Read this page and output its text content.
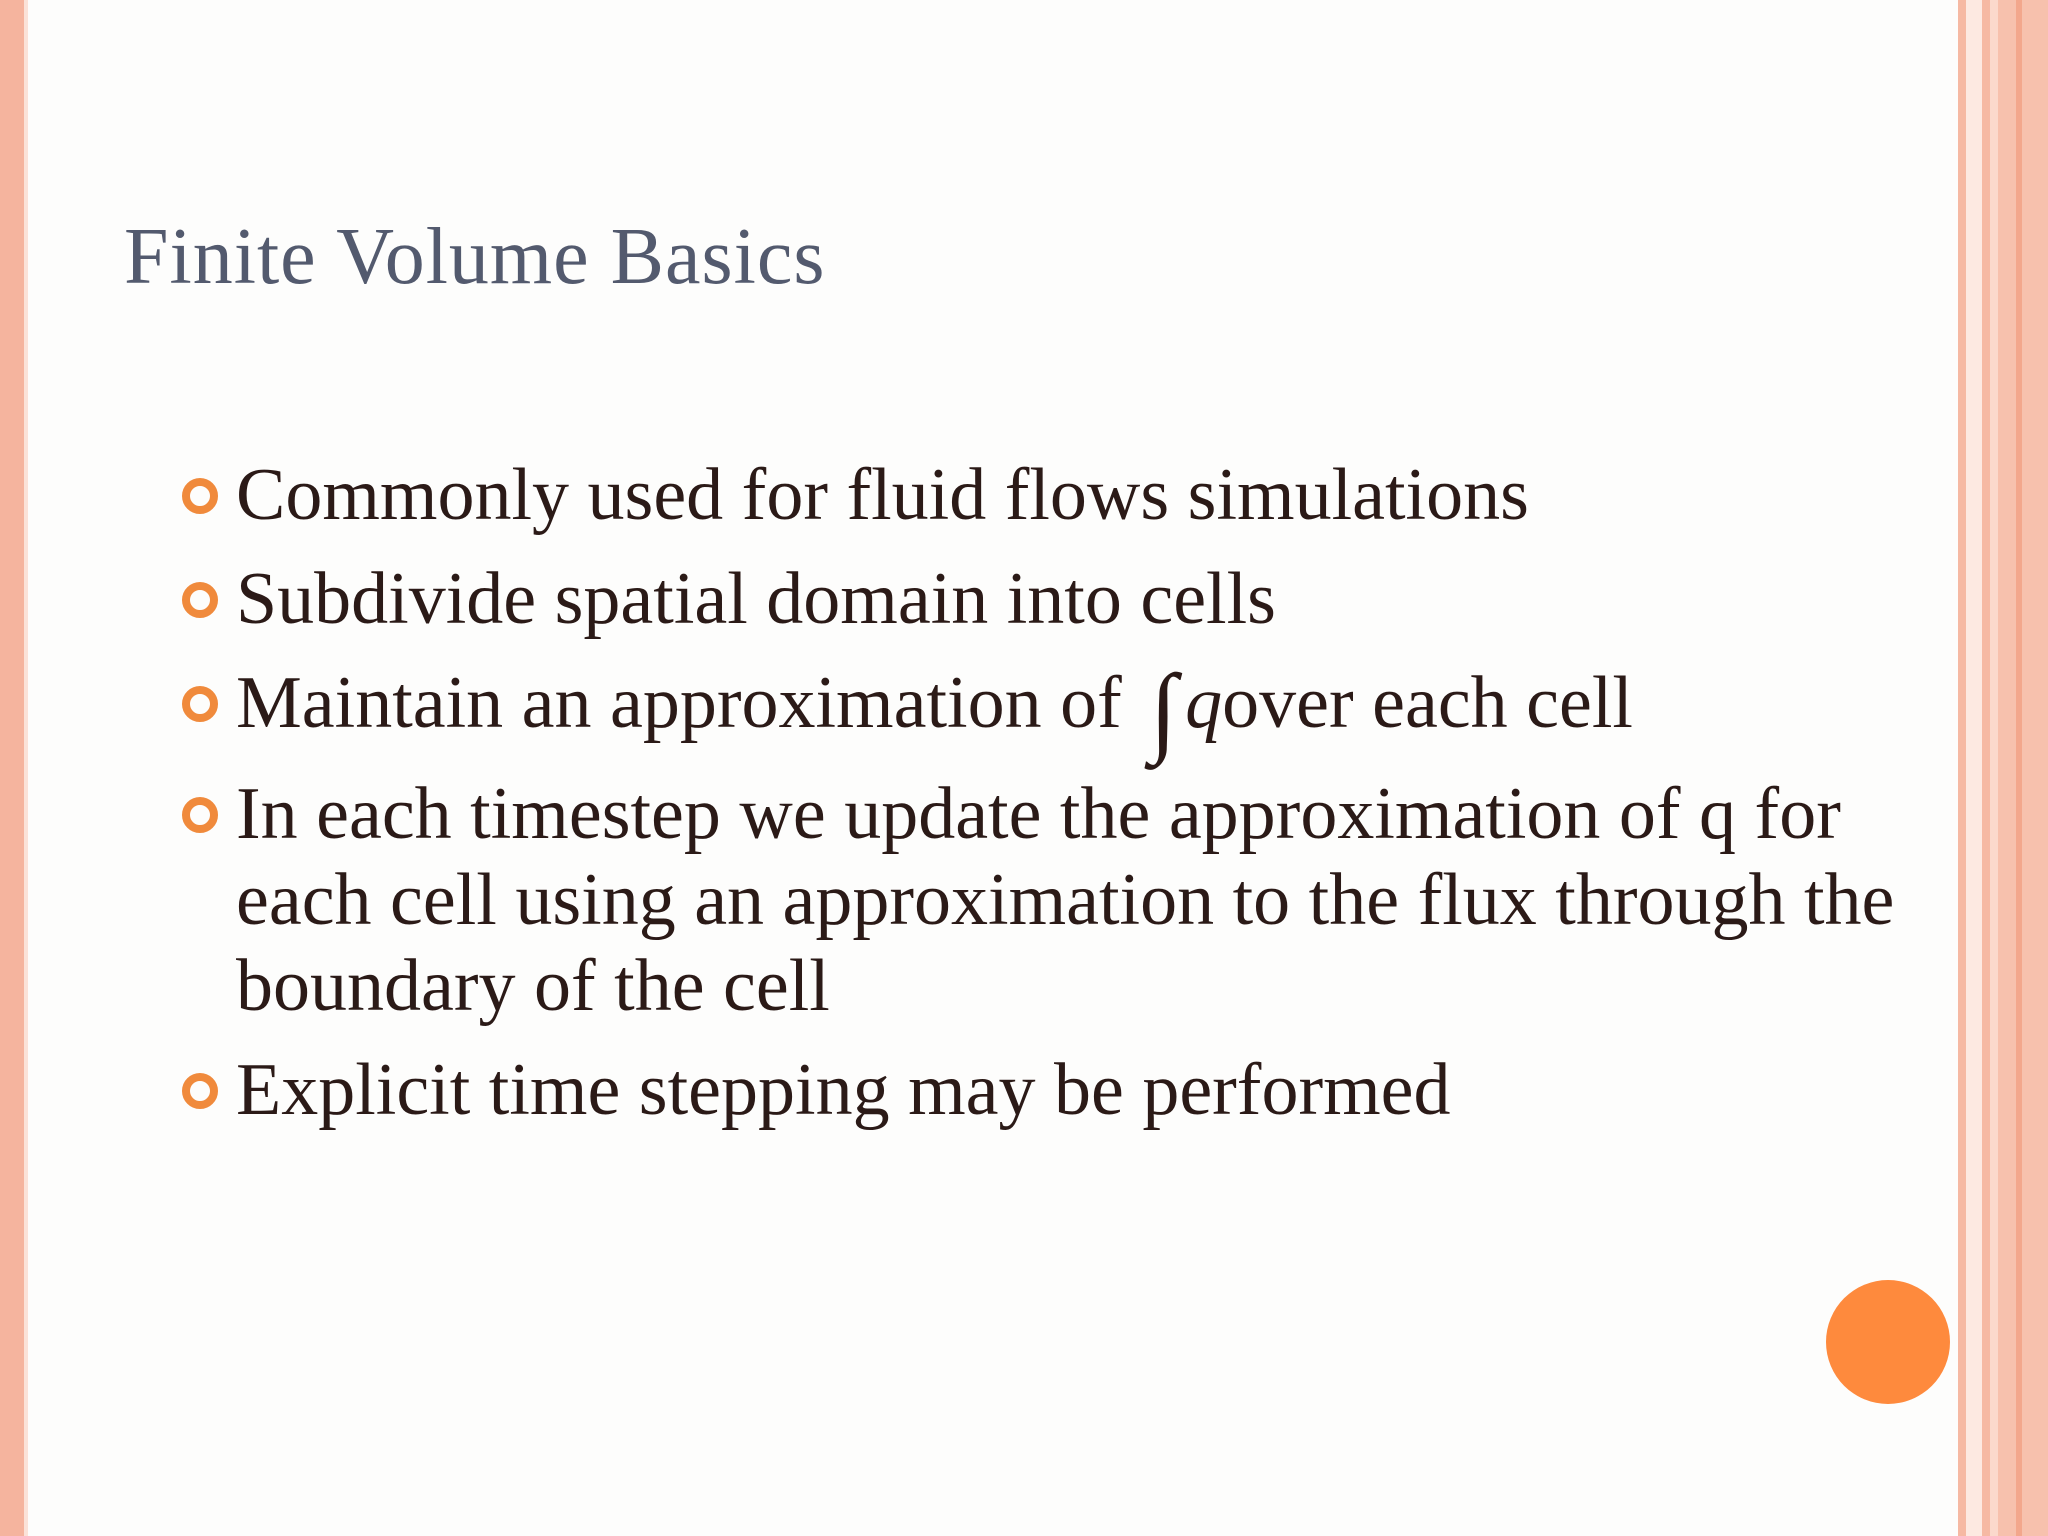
Finite Volume Basics
Commonly used for fluid flows simulations
Subdivide spatial domain into cells
Maintain an approximation of ∫ qover each cell
In each timestep we update the approximation of q for each cell using an approximation to the flux through the boundary of the cell
Explicit time stepping may be performed
